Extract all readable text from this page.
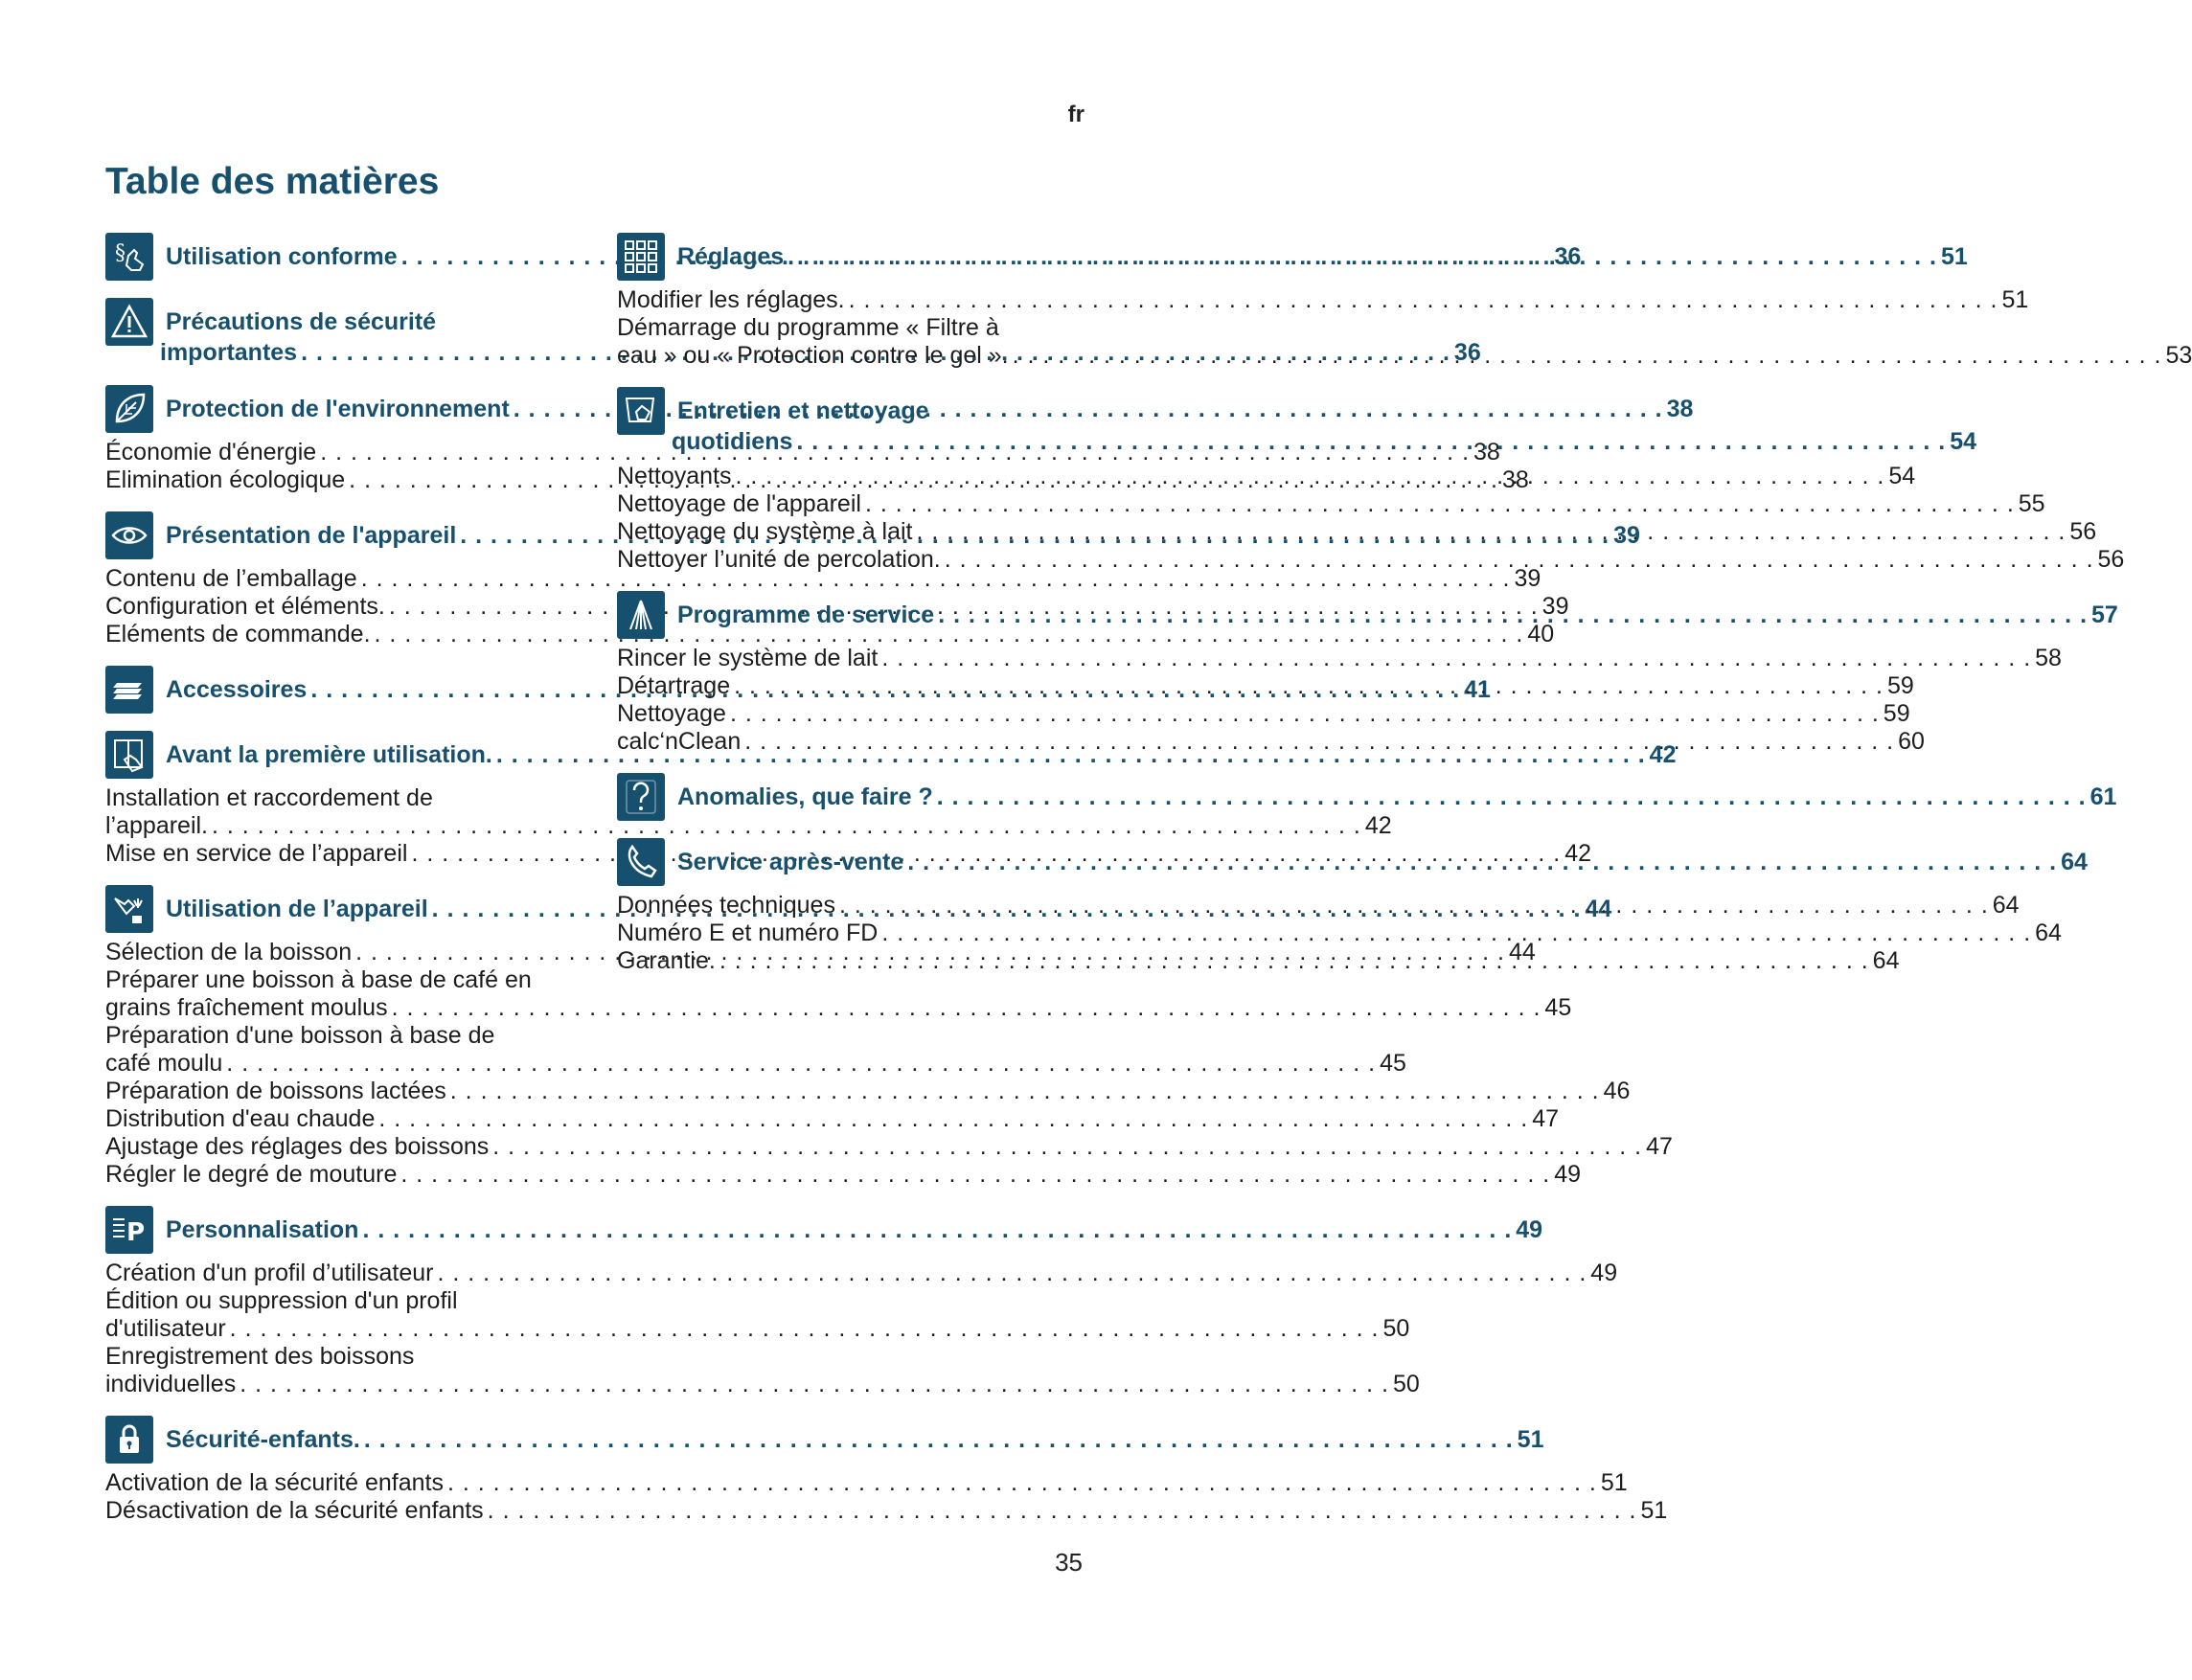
fr
Table des matières
§ Utilisation conforme . . .	36
Précautions de sécurité
importantes . . .	36
Protection de l'environnement . . .	38
Économie d'énergie . . .	38
Elimination écologique . . .	38
Présentation de l'appareil . . .	39
Contenu de l’emballage . . .	39
Configuration et éléments. . . .	39
Eléments de commande. . . .	40
Accessoires . . .	41
Avant la première utilisation. . . .	42
Installation et raccordement de
l’appareil. . . .	42
Mise en service de l’appareil . . .	42
Utilisation de l’appareil . . .	44
Sélection de la boisson . . .	44
Préparer une boisson à base de café en
grains fraîchement moulus . . .	45
Préparation d'une boisson à base de
café moulu . . .	45
Préparation de boissons lactées . . .	46
Distribution d'eau chaude . . .	47
Ajustage des réglages des boissons . . .	47
Régler le degré de mouture . . .	49
P Personnalisation . . .	49
Création d'un profil d’utilisateur . . .	49
Édition ou suppression d'un profil
d'utilisateur . . .	50
Enregistrement des boissons
individuelles . . .	50
Sécurité-enfants. . . .	51
Activation de la sécurité enfants . . .	51
Désactivation de la sécurité enfants . . .	51
Réglages . . .	51
Modifier les réglages. . . .	51
Démarrage du programme « Filtre à
eau » ou « Protection contre le gel ». . . .	53
Entretien et nettoyage
quotidiens . . .	54
Nettoyants . . .	54
Nettoyage de l'appareil . . .	55
Nettoyage du système à lait . . .	56
Nettoyer l’unité de percolation. . . .	56
Programme de service . . .	57
Rincer le système de lait . . .	58
Détartrage . . .	59
Nettoyage . . .	59
calc‘nClean . . .	60
Anomalies, que faire ? . . .	61
Service après-vente . . .	64
Données techniques . . .	64
Numéro E et numéro FD . . .	64
Garantie. . . .	64
35
